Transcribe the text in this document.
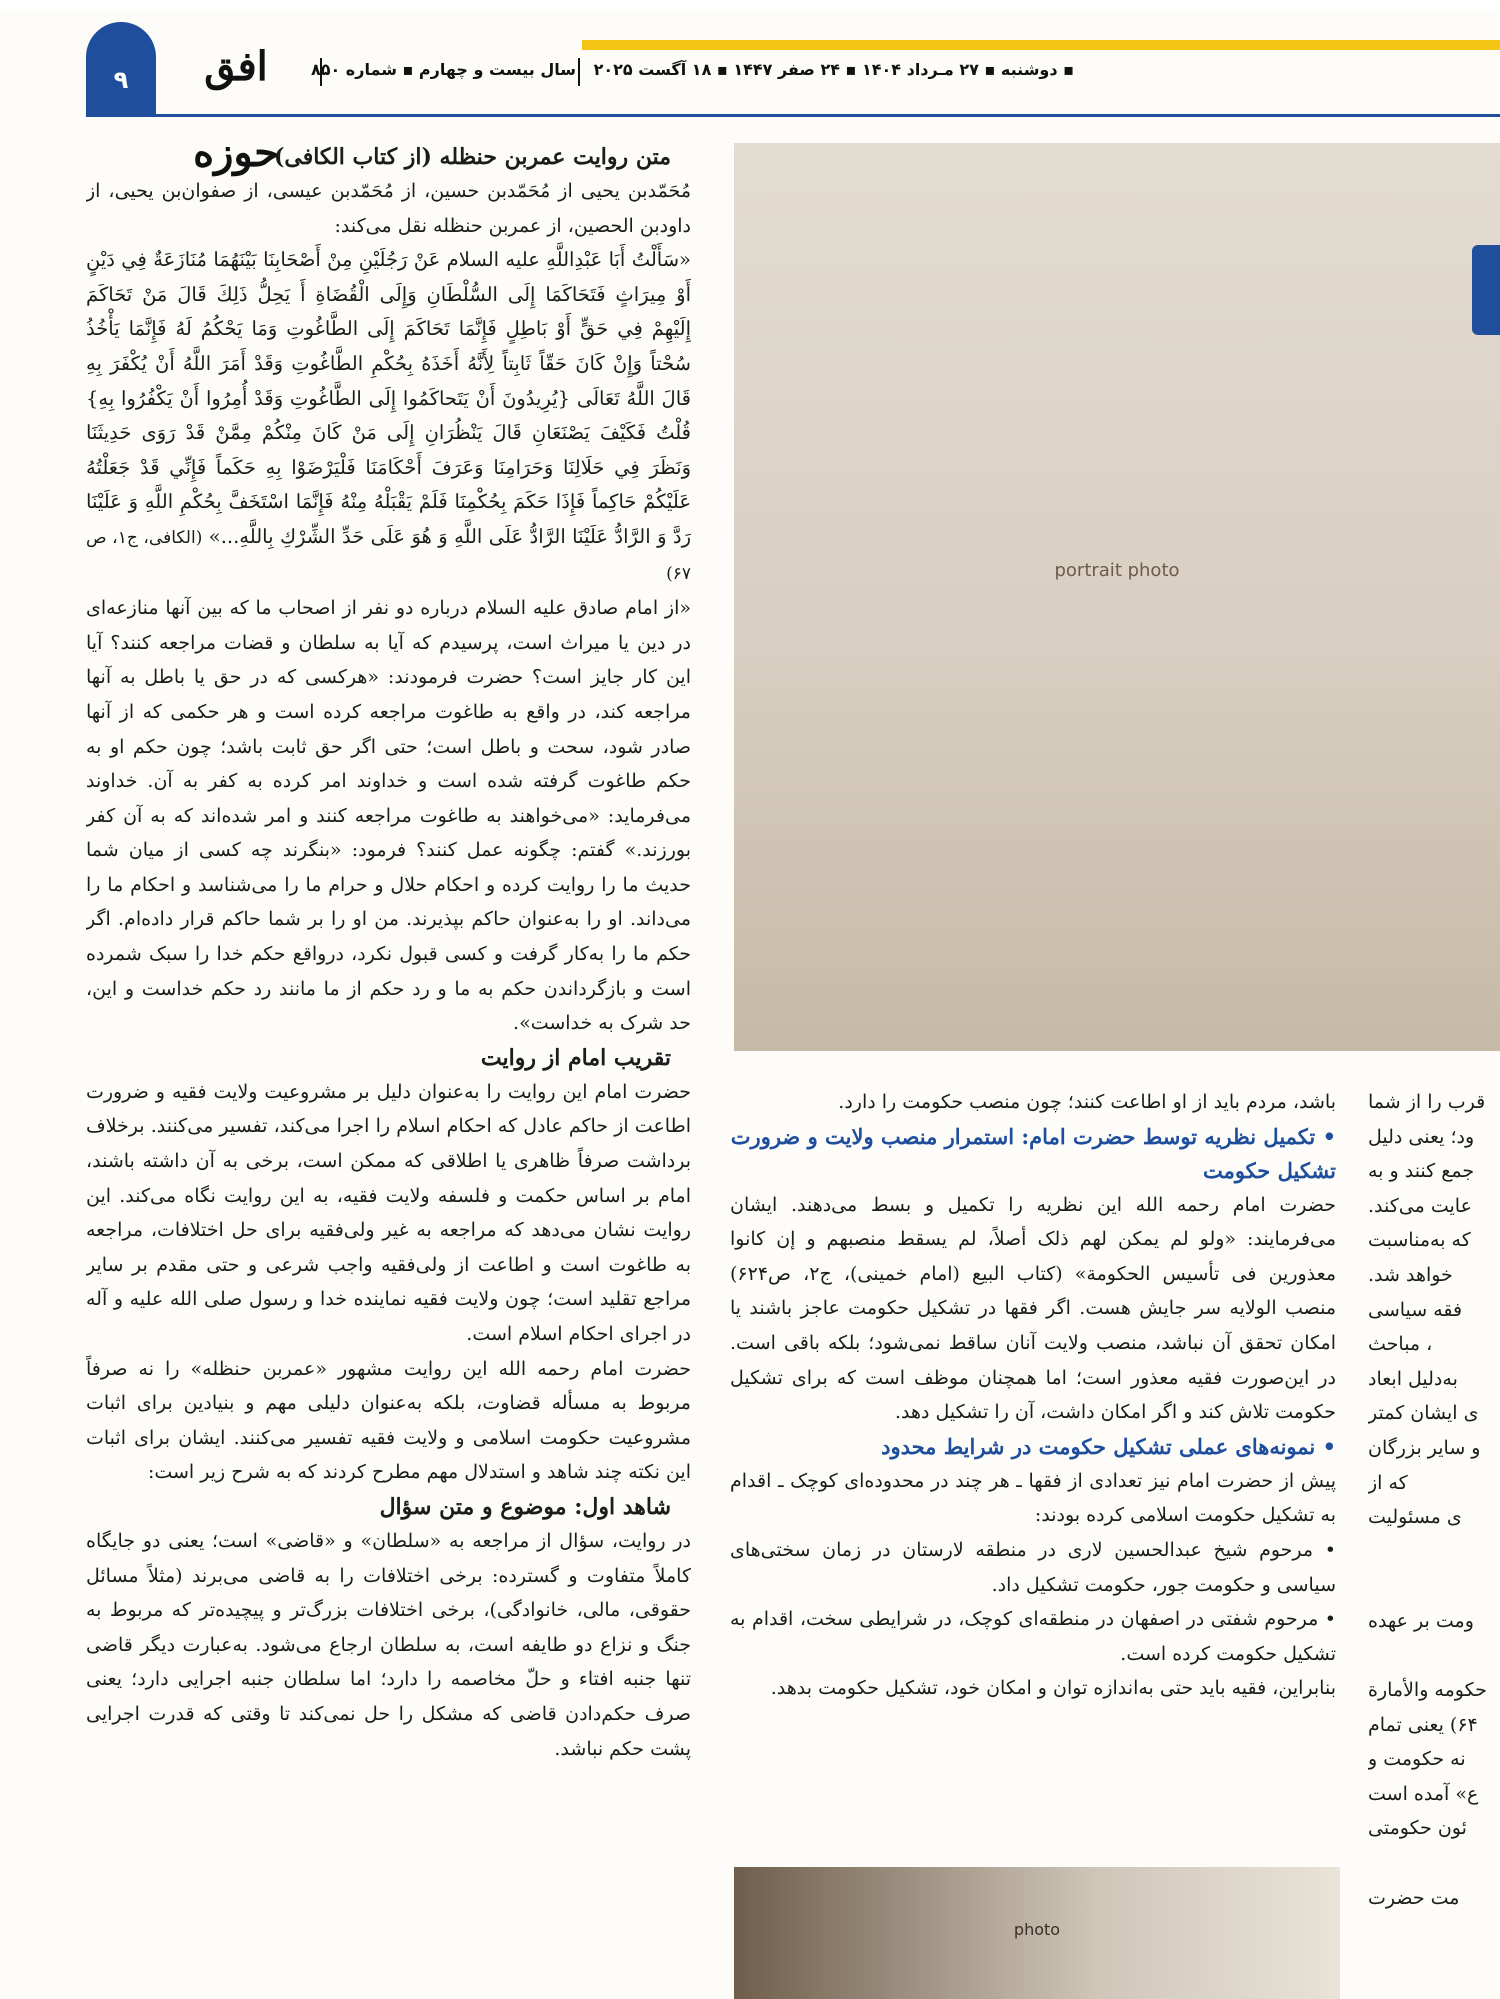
۹	افق حوزه
سال بیست و چهارم ▪ شماره ۸۵۰	▪ دوشنبه ▪ ۲۷ مـرداد ۱۴۰۴ ▪ ۲۴ صفر ۱۴۴۷ ▪ ۱۸ آگست ۲۰۲۵
متن روایت عمربن حنظله (از کتاب الکافی)

مُحَمّدبن یحیی از مُحَمّدبن حسین، از مُحَمّدبن عیسی، از صفوان‌بن یحیی، از داودبن الحصین، از عمربن حنظله نقل می‌کند:

«سَأَلْتُ أَبَا عَبْدِاللَّهِ عليه السلام عَنْ رَجُلَيْنِ مِنْ أَصْحَابِنَا بَيْنَهُمَا مُنَازَعَةٌ فِي دَيْنٍ أَوْ مِيرَاثٍ فَتَحَاكَمَا إِلَى السُّلْطَانِ وَإِلَى الْقُضَاةِ أَ يَحِلُّ ذَلِكَ قَالَ مَنْ تَحَاكَمَ إِلَيْهِمْ فِي حَقٍّ أَوْ بَاطِلٍ فَإِنَّمَا تَحَاكَمَ إِلَى الطَّاغُوتِ وَمَا يَحْكُمُ لَهُ فَإِنَّمَا يَأْخُذُ سُحْتاً وَإِنْ كَانَ حَقّاً ثَابِتاً لِأَنَّهُ أَخَذَهُ بِحُكْمِ الطَّاغُوتِ وَقَدْ أَمَرَ اللَّهُ أَنْ يُكْفَرَ بِهِ قَالَ اللَّهُ تَعَالَى {يُرِيدُونَ أَنْ يَتَحاكَمُوا إِلَى الطَّاغُوتِ وَقَدْ أُمِرُوا أَنْ يَكْفُرُوا بِهِ} قُلْتُ فَكَيْفَ يَصْنَعَانِ قَالَ يَنْظُرَانِ إِلَى مَنْ كَانَ مِنْكُمْ مِمَّنْ قَدْ رَوَى حَدِيثَنَا وَنَظَرَ فِي حَلَالِنَا وَحَرَامِنَا وَعَرَفَ أَحْكَامَنَا فَلْيَرْضَوْا بِهِ حَكَماً فَإِنِّي قَدْ جَعَلْتُهُ عَلَيْكُمْ حَاكِماً فَإِذَا حَكَمَ بِحُكْمِنَا فَلَمْ يَقْبَلْهُ مِنْهُ فَإِنَّمَا اسْتَخَفَّ بِحُكْمِ اللَّهِ وَ عَلَيْنَا رَدَّ وَ الرَّادُّ عَلَيْنَا الرَّادُّ عَلَى اللَّهِ وَ هُوَ عَلَى حَدِّ الشِّرْكِ بِاللَّهِ...» (الکافی، ج۱، ص ۶۷)

«از امام صادق علیه السلام درباره دو نفر از اصحاب ما که بین آنها منازعه‌ای در دین یا میراث است، پرسیدم که آیا به سلطان و قضات مراجعه کنند؟ آیا این کار جایز است؟ حضرت فرمودند: «هرکسی که در حق یا باطل به آنها مراجعه کند، در واقع به طاغوت مراجعه کرده است و هر حکمی که از آنها صادر شود، سحت و باطل است؛ حتی اگر حق ثابت باشد؛ چون حکم او به حکم طاغوت گرفته شده است و خداوند امر کرده به کفر به آن. خداوند می‌فرماید: «می‌خواهند به طاغوت مراجعه کنند و امر شده‌اند که به آن کفر بورزند.» گفتم: چگونه عمل کنند؟ فرمود: «بنگرند چه کسی از میان شما حدیث ما را روایت کرده و احکام حلال و حرام ما را می‌شناسد و احکام ما را می‌داند. او را به‌عنوان حاکم بپذیرند. من او را بر شما حاکم قرار داده‌ام. اگر حکم ما را به‌کار گرفت و کسی قبول نکرد، درواقع حکم خدا را سبک شمرده است و بازگرداندن حکم به ما و رد حکم از ما مانند رد حکم خداست و این، حد شرک به خداست».

تقریب امام از روایت

حضرت امام این روایت را به‌عنوان دلیل بر مشروعیت ولایت فقیه و ضرورت اطاعت از حاکم عادل که احکام اسلام را اجرا می‌کند، تفسیر می‌کنند. برخلاف برداشت صرفاً ظاهری یا اطلاقی که ممکن است، برخی به آن داشته باشند، امام بر اساس حکمت و فلسفه ولایت فقیه، به این روایت نگاه می‌کند. این روایت نشان می‌دهد که مراجعه به غیر ولی‌فقیه برای حل اختلافات، مراجعه به طاغوت است و اطاعت از ولی‌فقیه واجب شرعی و حتی مقدم بر سایر مراجع تقلید است؛ چون ولایت فقیه نماینده خدا و رسول صلی الله علیه و آله در اجرای احکام اسلام است.

حضرت امام رحمه الله این روایت مشهور «عمربن حنظله» را نه صرفاً مربوط به مسأله قضاوت، بلکه به‌عنوان دلیلی مهم و بنیادین برای اثبات مشروعیت حکومت اسلامی و ولایت فقیه تفسیر می‌کنند. ایشان برای اثبات این نکته چند شاهد و استدلال مهم مطرح کردند که به شرح زیر است:

شاهد اول: موضوع و متن سؤال

در روایت، سؤال از مراجعه به «سلطان» و «قاضی» است؛ یعنی دو جایگاه کاملاً متفاوت و گسترده: برخی اختلافات را به قاضی می‌برند (مثلاً مسائل حقوقی، مالی، خانوادگی)، برخی اختلافات بزرگ‌تر و پیچیده‌تر که مربوط به جنگ و نزاع دو طایفه است، به سلطان ارجاع می‌شود. به‌عبارت دیگر قاضی تنها جنبه افتاء و حلّ مخاصمه را دارد؛ اما سلطان جنبه اجرایی دارد؛ یعنی صرف حکم‌دادن قاضی که مشکل را حل نمی‌کند تا وقتی که قدرت اجرایی پشت حکم نباشد.

portrait photo

باشد، مردم باید از او اطاعت کنند؛ چون منصب حکومت را دارد.

• تکمیل نظریه توسط حضرت امام: استمرار منصب ولایت و ضرورت تشکیل حکومت

حضرت امام رحمه الله این نظریه را تکمیل و بسط می‌دهند. ایشان می‌فرمایند: «ولو لم یمکن لهم ذلک أصلاً، لم یسقط منصبهم و إن کانوا معذورین فی تأسیس الحکومة» (کتاب البیع (امام خمینی)، ج۲، ص۶۲۴) منصب الولایه سر جایش هست. اگر فقها در تشکیل حکومت عاجز باشند یا امکان تحقق آن نباشد، منصب ولایت آنان ساقط نمی‌شود؛ بلکه باقی است. در این‌صورت فقیه معذور است؛ اما همچنان موظف است که برای تشکیل حکومت تلاش کند و اگر امکان داشت، آن را تشکیل دهد.

• نمونه‌های عملی تشکیل حکومت در شرایط محدود

پیش از حضرت امام نیز تعدادی از فقها ـ هر چند در محدوده‌ای کوچک ـ اقدام به تشکیل حکومت اسلامی کرده بودند:

• مرحوم شیخ عبدالحسین لاری در منطقه لارستان در زمان سختی‌های سیاسی و حکومت جور، حکومت تشکیل داد.

• مرحوم شفتی در اصفهان در منطقه‌ای کوچک، در شرایطی سخت، اقدام به تشکیل حکومت کرده است.

بنابراین، فقیه باید حتی به‌اندازه توان و امکان خود، تشکیل حکومت بدهد.

photo
قرب را از شما
ود؛ یعنی دلیل
جمع کنند و به
عایت می‌کند.
که به‌مناسبت
خواهد شد.
فقه سیاسی
، مباحث
به‌دلیل ابعاد
ی ایشان کمتر
و سایر بزرگان
که از
ی مسئولیت

ومت بر عهده

حکومه والأمارة
۶۴) یعنی تمام
نه حکومت و
ع» آمده است
ئون حکومتی

مت حضرت
